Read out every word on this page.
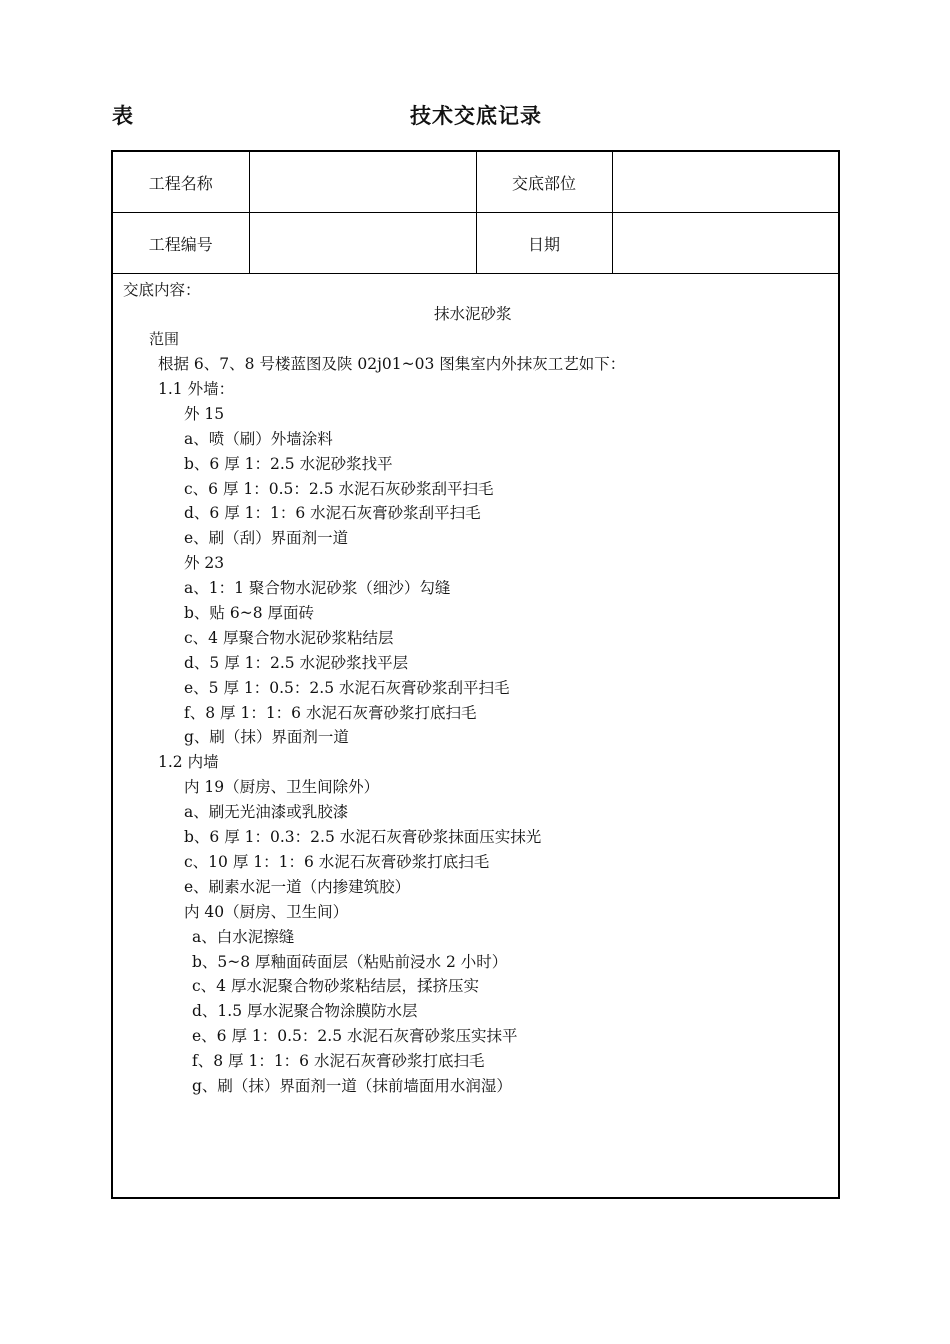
表	技术交底记录
工程名称		交底部位	
工程编号		日期	
交底内容：
抹水泥砂浆
范围
根据 6、7、8 号楼蓝图及陕 02j01~03 图集室内外抹灰工艺如下：
1.1 外墙：
外 15
a、喷（刷）外墙涂料
b、6 厚 1：2.5 水泥砂浆找平
c、6 厚 1：0.5：2.5 水泥石灰砂浆刮平扫毛
d、6 厚 1：1：6 水泥石灰膏砂浆刮平扫毛
e、刷（刮）界面剂一道
外 23
a、1：1 聚合物水泥砂浆（细沙）勾缝
b、贴 6~8 厚面砖
c、4 厚聚合物水泥砂浆粘结层
d、5 厚 1：2.5 水泥砂浆找平层
e、5 厚 1：0.5：2.5 水泥石灰膏砂浆刮平扫毛
f、8 厚 1：1：6 水泥石灰膏砂浆打底扫毛
g、刷（抹）界面剂一道
1.2 内墙
内 19（厨房、卫生间除外）
a、刷无光油漆或乳胶漆
b、6 厚 1：0.3：2.5 水泥石灰膏砂浆抹面压实抹光
c、10 厚 1：1：6 水泥石灰膏砂浆打底扫毛
e、刷素水泥一道（内掺建筑胶）
内 40（厨房、卫生间）
a、白水泥擦缝
b、5~8 厚釉面砖面层（粘贴前浸水 2 小时）
c、4 厚水泥聚合物砂浆粘结层，揉挤压实
d、1.5 厚水泥聚合物涂膜防水层
e、6 厚 1：0.5：2.5 水泥石灰膏砂浆压实抹平
f、8 厚 1：1：6 水泥石灰膏砂浆打底扫毛
g、刷（抹）界面剂一道（抹前墙面用水润湿）
